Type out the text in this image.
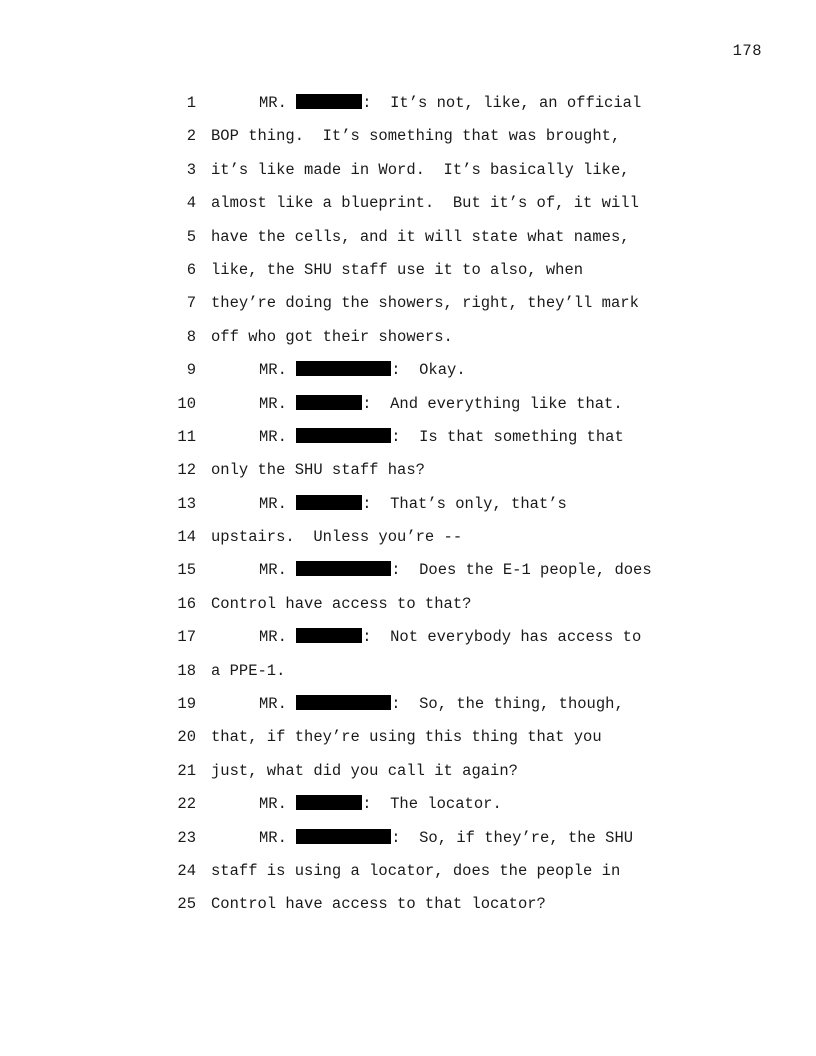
178
1	MR.	:  It’s not, like, an official
2 BOP thing.  It’s something that was brought,
3 it’s like made in Word.  It’s basically like,
4 almost like a blueprint.  But it’s of, it will
5 have the cells, and it will state what names,
6 like, the SHU staff use it to also, when
7 they’re doing the showers, right, they’ll mark
8 off who got their showers.
9	MR.	:  Okay.
10	MR.	:  And everything like that.
11	MR.	:  Is that something that
12 only the SHU staff has?
13	MR.	:  That’s only, that’s
14 upstairs.  Unless you’re --
15	MR.	:  Does the E-1 people, does
16 Control have access to that?
17	MR.	:  Not everybody has access to
18 a PPE-1.
19	MR.	:  So, the thing, though,
20 that, if they’re using this thing that you
21 just, what did you call it again?
22	MR.	:  The locator.
23	MR.	:  So, if they’re, the SHU
24 staff is using a locator, does the people in
25 Control have access to that locator?
